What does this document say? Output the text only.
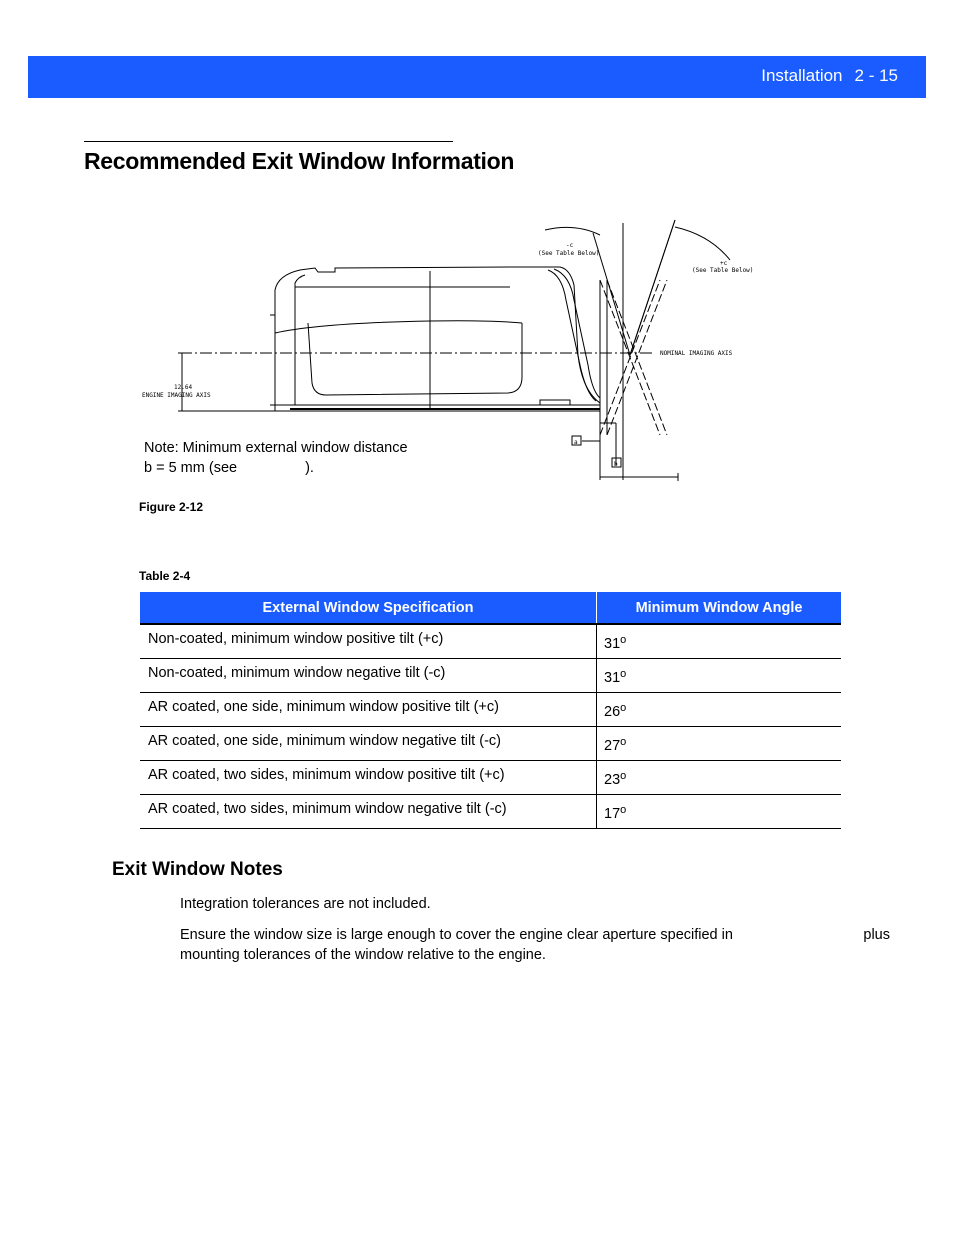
Installation 2 - 15
Recommended Exit Window Information
-c
(See Table Below)
+c
(See Table Below)
NOMINAL IMAGING AXIS
12.64
ENGINE IMAGING AXIS
a
b
Note: Minimum external window distance
b = 5 mm (see	).
Figure 2-12
Table 2-4
External Window Specification	Minimum Window Angle
Non-coated, minimum window positive tilt (+c)	31$^o$
Non-coated, minimum window negative tilt (-c)	31$^o$
AR coated, one side, minimum window positive tilt (+c)	26$^o$
AR coated, one side, minimum window negative tilt (-c)	27$^o$
AR coated, two sides, minimum window positive tilt (+c)	23$^o$
AR coated, two sides, minimum window negative tilt (-c)	17$^o$
Exit Window Notes
Integration tolerances are not included.
Ensure the window size is large enough to cover the engine clear aperture specified in	plus
mounting tolerances of the window relative to the engine.
